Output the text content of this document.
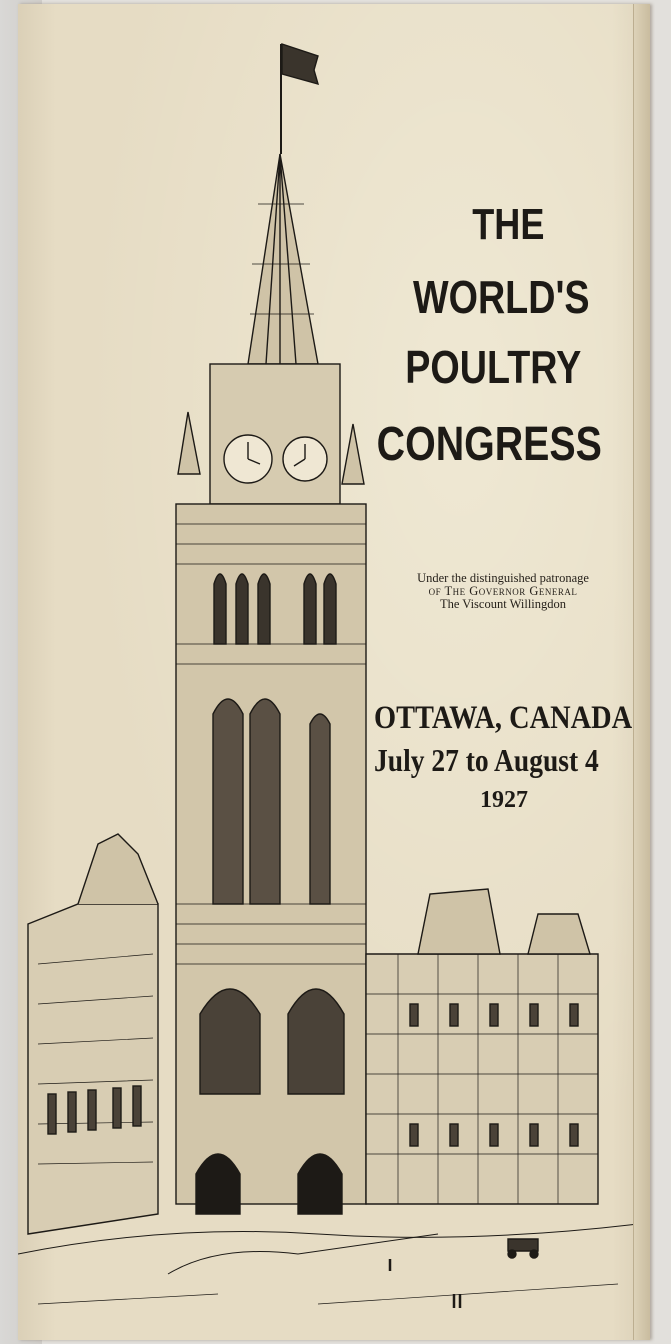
THE
WORLD'S
POULTRY
CONGRESS
Under the distinguished patronage
of The Governor General
The Viscount Willingdon
OTTAWA, CANADA
July 27 to August 4
1927
